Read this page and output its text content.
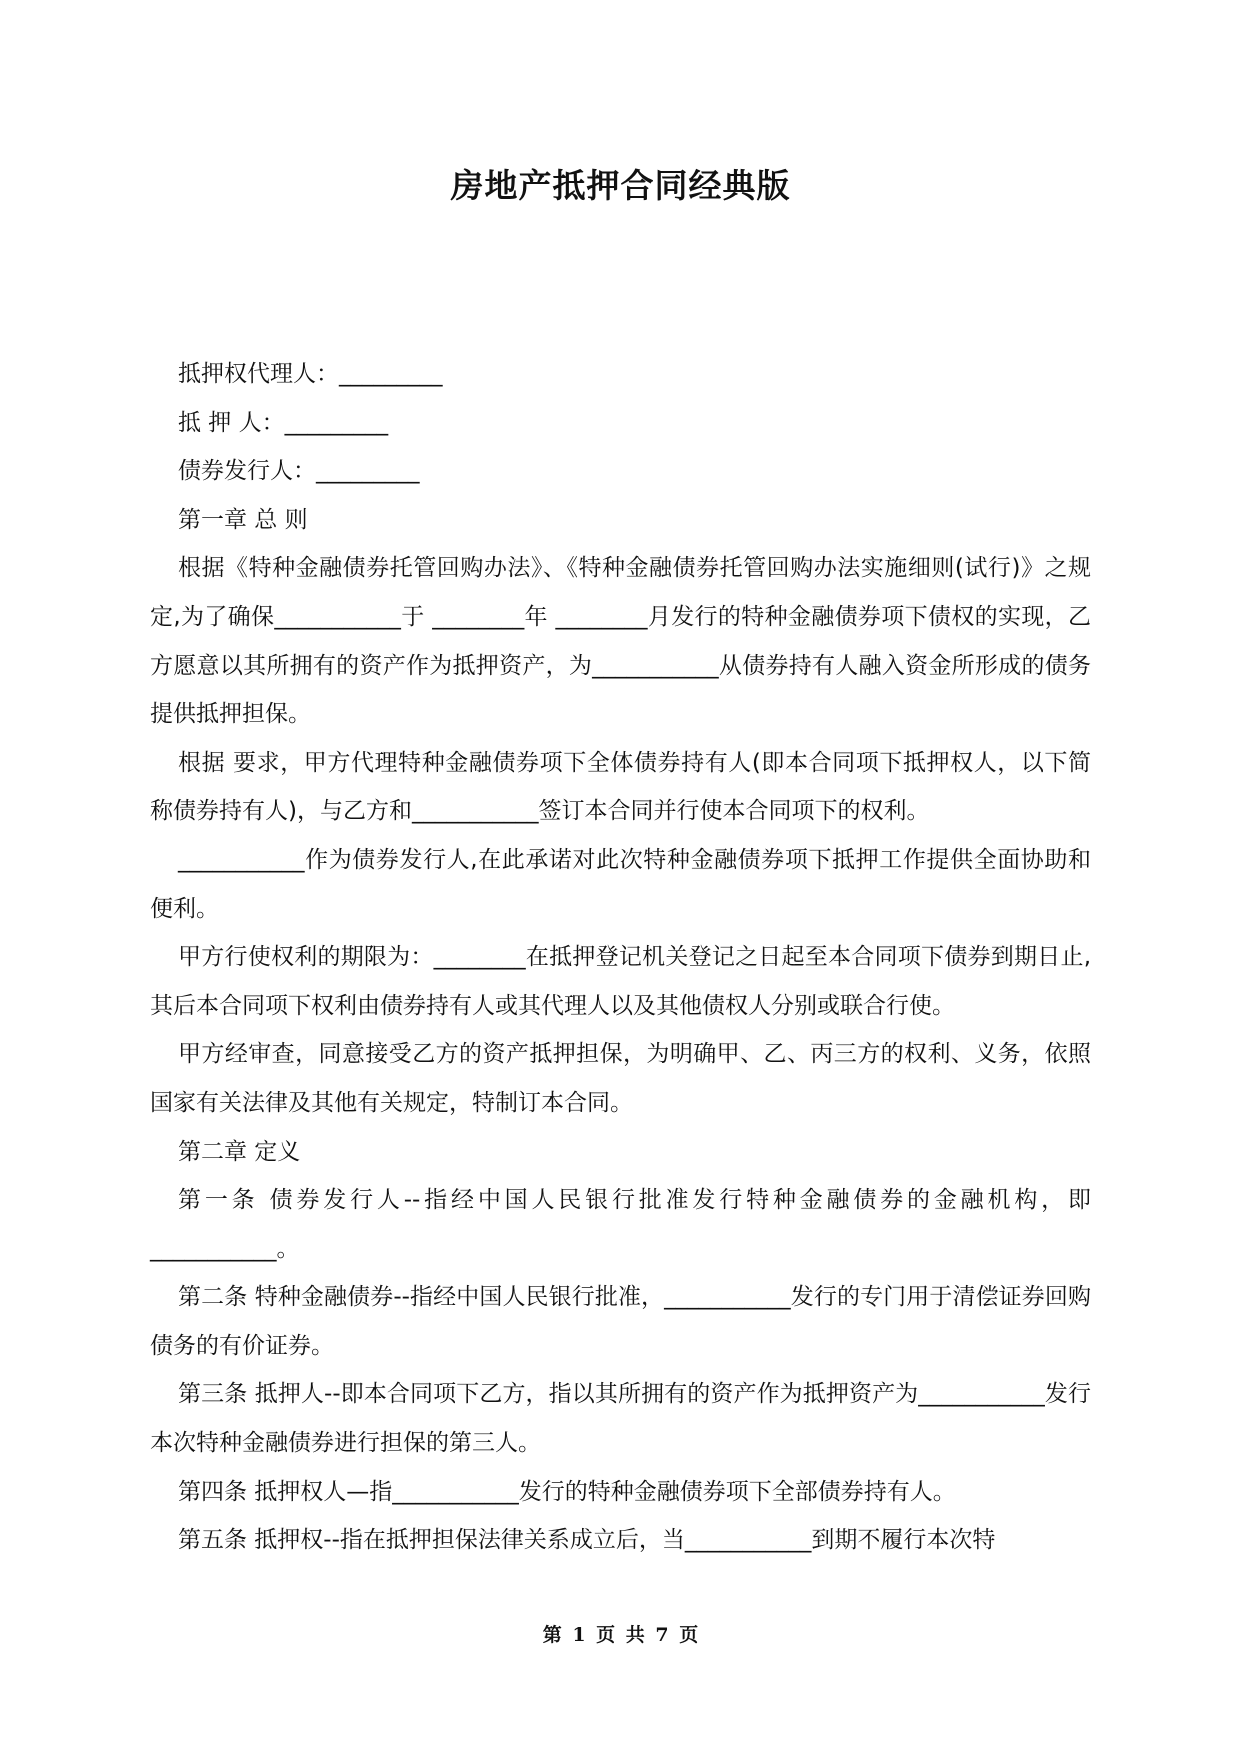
房地产抵押合同经典版

抵押权代理人：_________

抵 押 人：_________

债券发行人：_________

第一章 总 则

根据《特种金融债券托管回购办法》、《特种金融债券托管回购办法实施细则(试行)》之规定,为了确保___________于 ________年 ________月发行的特种金融债券项下债权的实现，乙方愿意以其所拥有的资产作为抵押资产，为___________从债券持有人融入资金所形成的债务提供抵押担保。

根据 要求，甲方代理特种金融债券项下全体债券持有人(即本合同项下抵押权人，以下简称债券持有人)，与乙方和___________签订本合同并行使本合同项下的权利。

___________作为债券发行人,在此承诺对此次特种金融债券项下抵押工作提供全面协助和便利。

甲方行使权利的期限为：________在抵押登记机关登记之日起至本合同项下债券到期日止,其后本合同项下权利由债券持有人或其代理人以及其他债权人分别或联合行使。

甲方经审查，同意接受乙方的资产抵押担保，为明确甲、乙、丙三方的权利、义务，依照国家有关法律及其他有关规定，特制订本合同。

第二章 定义

第一条 债券发行人--指经中国人民银行批准发行特种金融债券的金融机构，即___________。

第二条 特种金融债券--指经中国人民银行批准，___________发行的专门用于清偿证券回购债务的有价证券。

第三条 抵押人--即本合同项下乙方，指以其所拥有的资产作为抵押资产为___________发行本次特种金融债券进行担保的第三人。

第四条 抵押权人—指___________发行的特种金融债券项下全部债券持有人。

第五条 抵押权--指在抵押担保法律关系成立后，当___________到期不履行本次特

第 1 页 共 7 页
